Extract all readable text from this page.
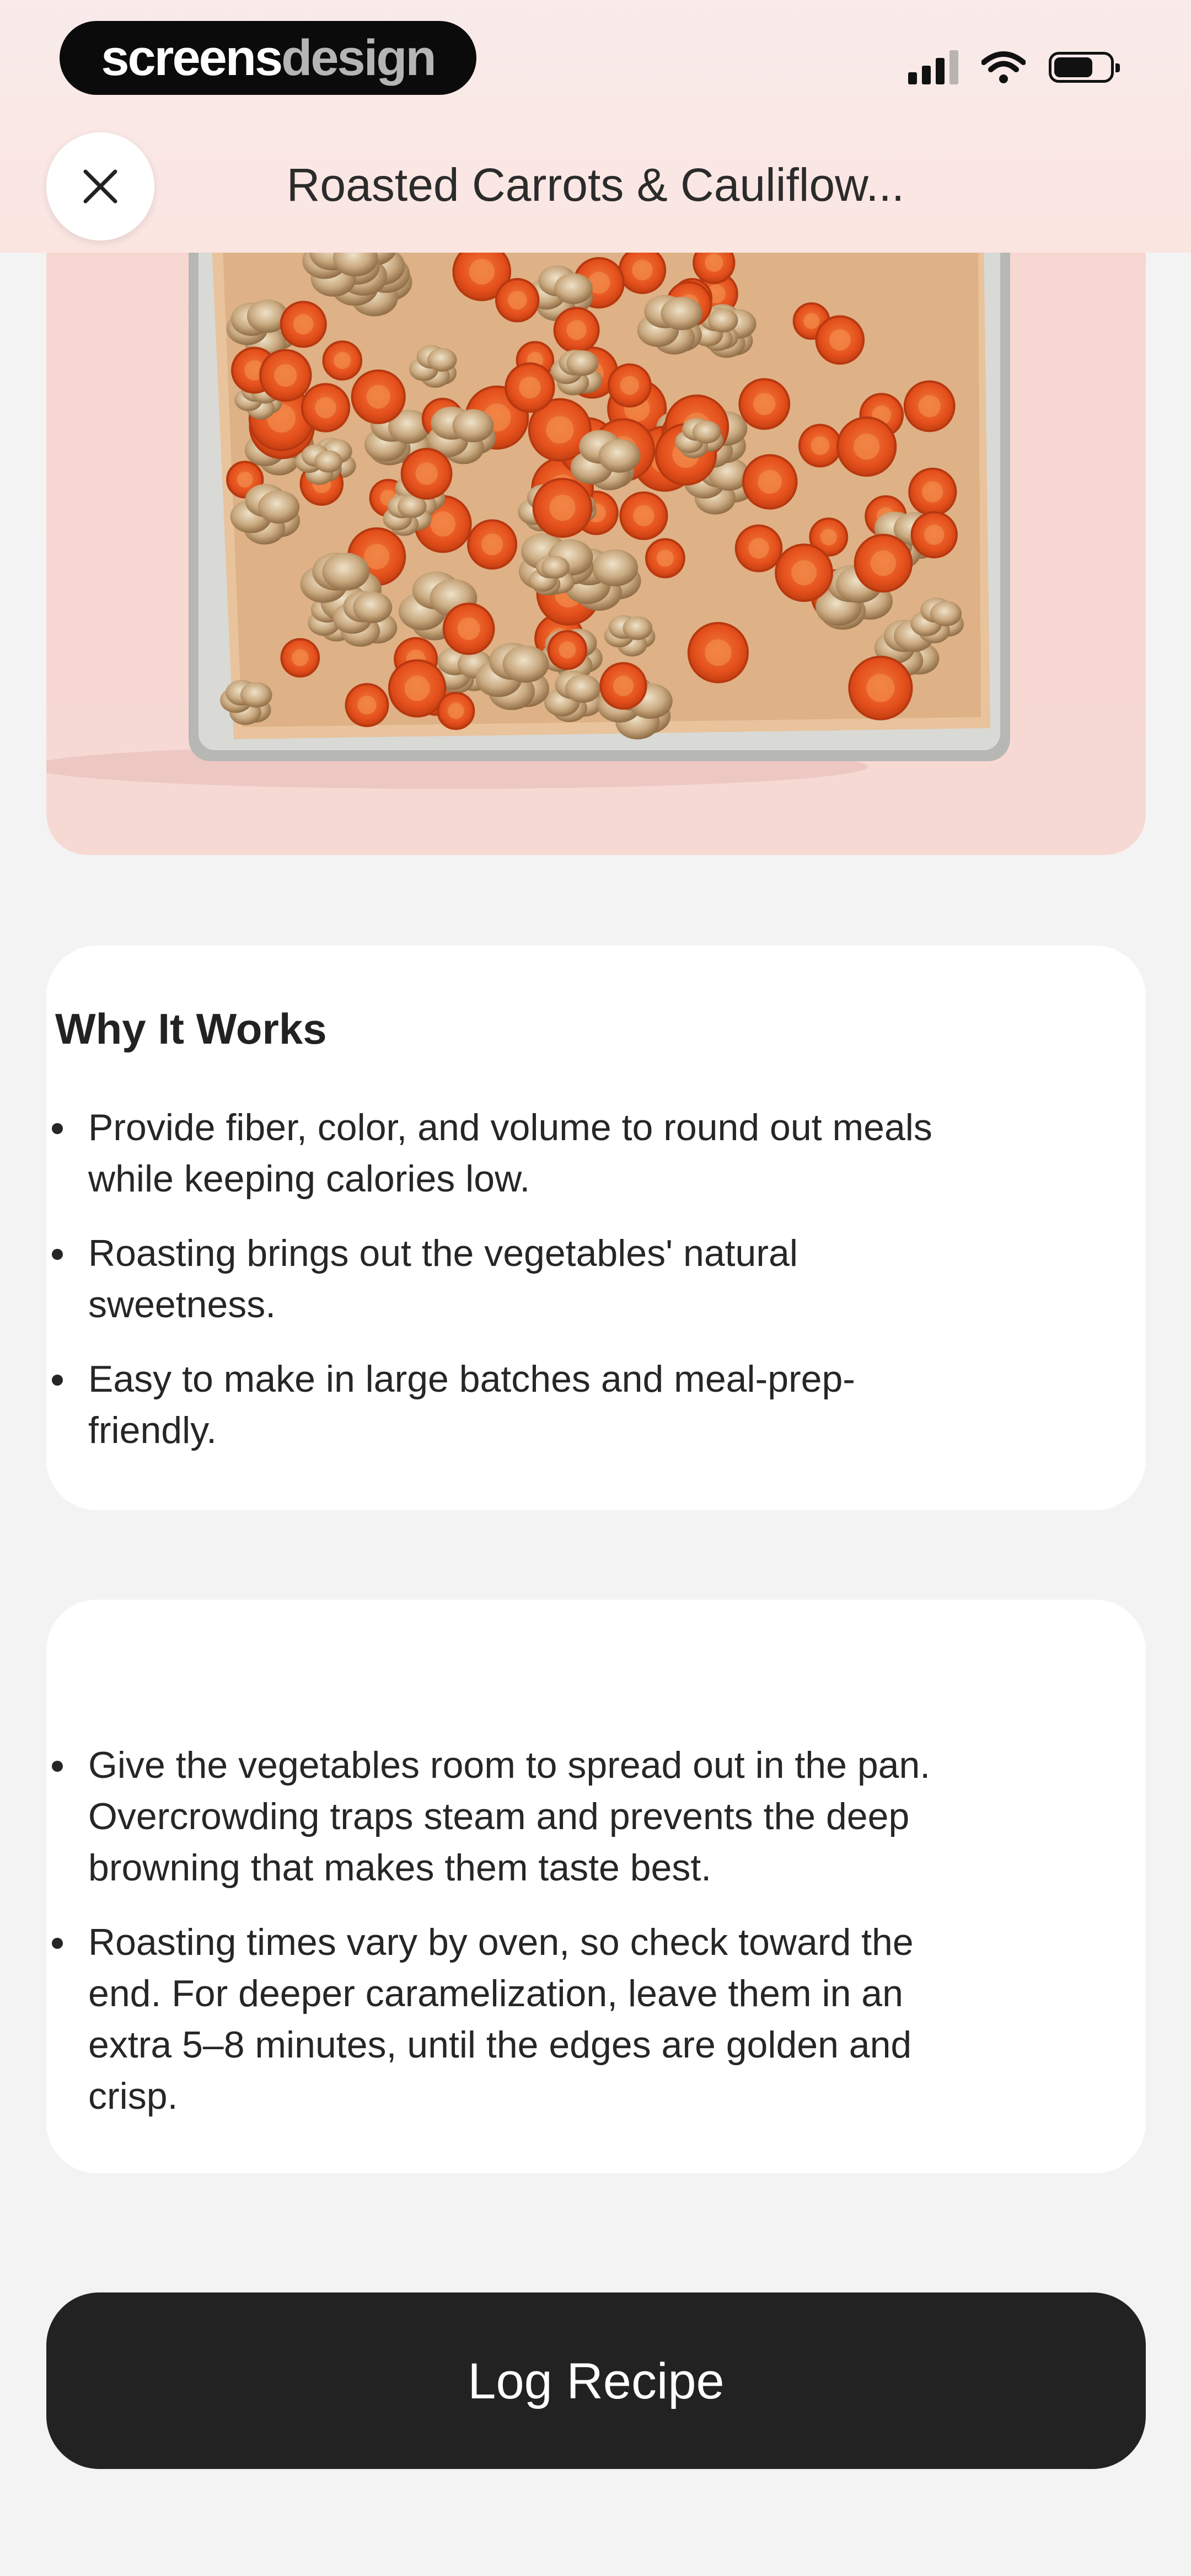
screens design
Roasted Carrots & Cauliflow...
Why It Works
Provide fiber, color, and volume to round out meals while keeping calories low.
Roasting brings out the vegetables' natural sweetness.
Easy to make in large batches and meal-prep-friendly.
Give the vegetables room to spread out in the pan. Overcrowding traps steam and prevents the deep browning that makes them taste best.
Roasting times vary by oven, so check toward the end. For deeper caramelization, leave them in an extra 5–8 minutes, until the edges are golden and crisp.
Log Recipe
